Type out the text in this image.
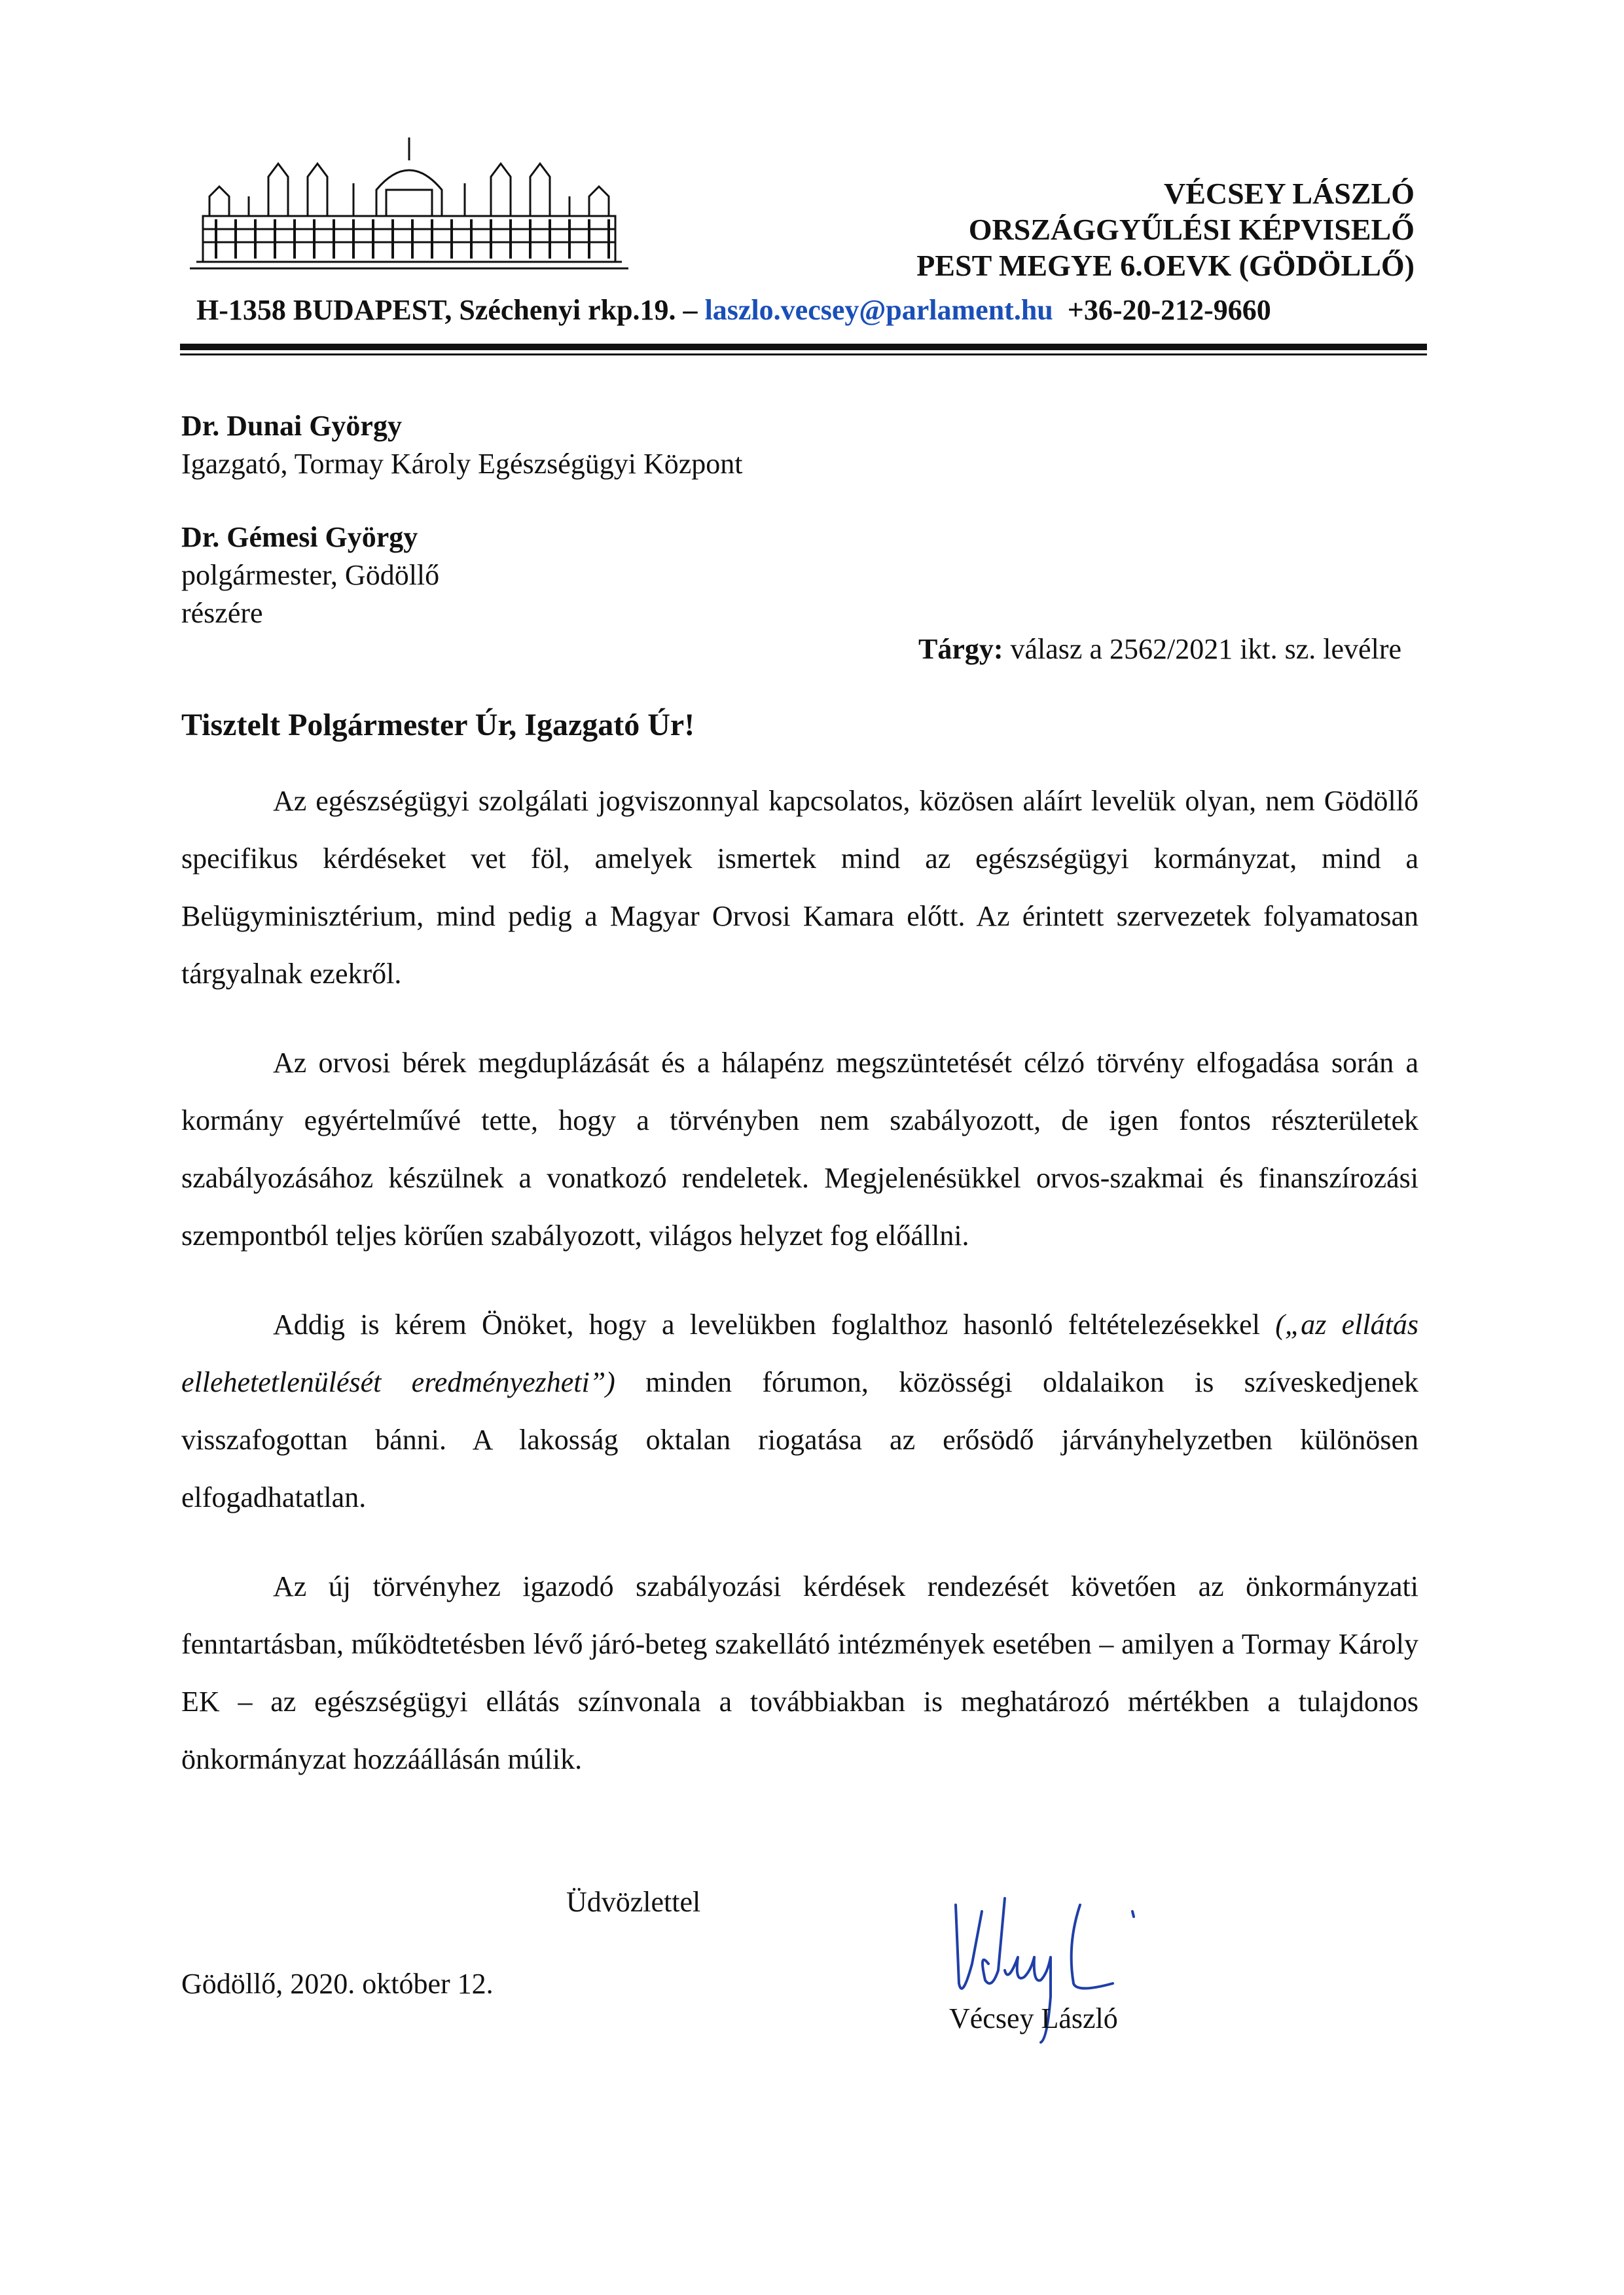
VÉCSEY LÁSZLÓ
ORSZÁGGYŰLÉSI KÉPVISELŐ
PEST MEGYE 6.OEVK (GÖDÖLLŐ)
H-1358 BUDAPEST, Széchenyi rkp.19. – laszlo.vecsey@parlament.hu +36-20-212-9660
Dr. Dunai György
Igazgató, Tormay Károly Egészségügyi Központ
Dr. Gémesi György
polgármester, Gödöllő
részére
Tárgy: válasz a 2562/2021 ikt. sz. levélre
Tisztelt Polgármester Úr, Igazgató Úr!
Az egészségügyi szolgálati jogviszonnyal kapcsolatos, közösen aláírt levelük olyan, nem Gödöllő specifikus kérdéseket vet föl, amelyek ismertek mind az egészségügyi kormányzat, mind a Belügyminisztérium, mind pedig a Magyar Orvosi Kamara előtt. Az érintett szervezetek folyamatosan tárgyalnak ezekről.
Az orvosi bérek megduplázását és a hálapénz megszüntetését célzó törvény elfogadása során a kormány egyértelművé tette, hogy a törvényben nem szabályozott, de igen fontos részterületek szabályozásához készülnek a vonatkozó rendeletek. Megjelenésükkel orvos-szakmai és finanszírozási szempontból teljes körűen szabályozott, világos helyzet fog előállni.
Addig is kérem Önöket, hogy a levelükben foglalthoz hasonló feltételezésekkel („az ellátás ellehetetlenülését eredményezheti”) minden fórumon, közösségi oldalaikon is szíveskedjenek visszafogottan bánni. A lakosság oktalan riogatása az erősödő járványhelyzetben különösen elfogadhatatlan.
Az új törvényhez igazodó szabályozási kérdések rendezését követően az önkormányzati fenntartásban, működtetésben lévő járó-beteg szakellátó intézmények esetében – amilyen a Tormay Károly EK – az egészségügyi ellátás színvonala a továbbiakban is meghatározó mértékben a tulajdonos önkormányzat hozzáállásán múlik.
Üdvözlettel
Gödöllő, 2020. október 12.
Vécsey László
